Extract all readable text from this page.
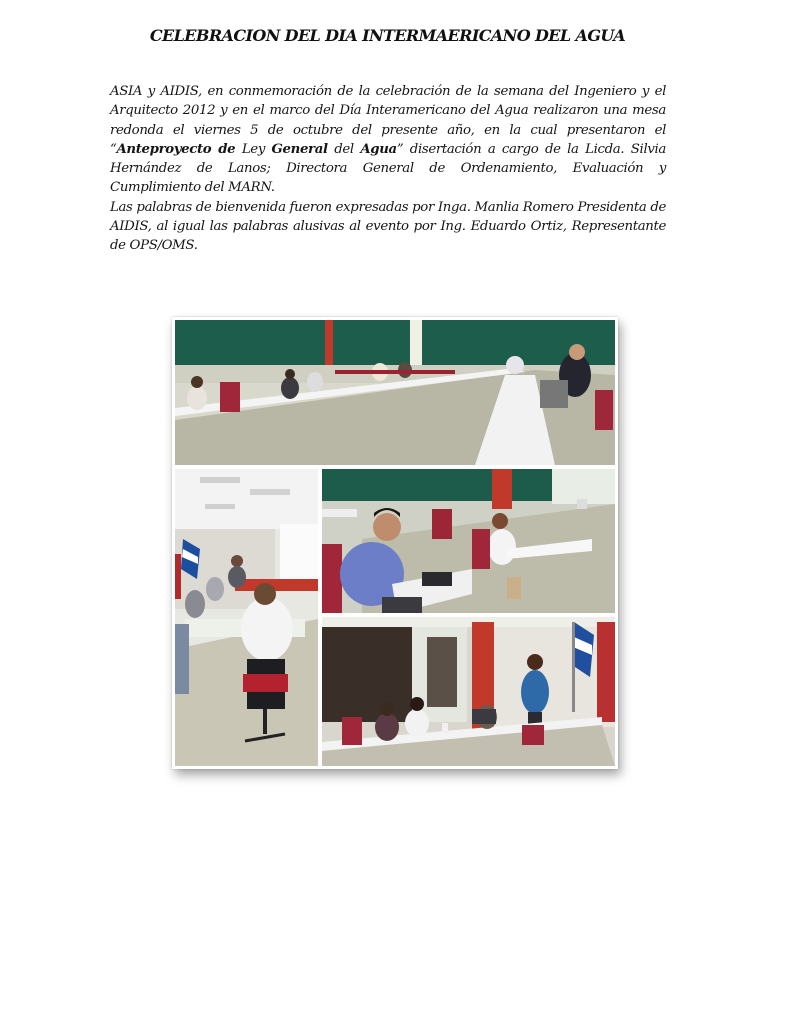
CELEBRACION DEL DIA INTERMAERICANO DEL AGUA

ASIA y AIDIS, en conmemoración de la celebración de la semana del Ingeniero y el Arquitecto 2012 y en el marco del Día Interamericano del Agua realizaron una mesa redonda el viernes 5 de octubre del presente año, en la cual presentaron el “Anteproyecto de Ley General del Agua” disertación a cargo de la Licda. Silvia Hernández de Lanos; Directora General de Ordenamiento, Evaluación y Cumplimiento del MARN.

Las palabras de bienvenida fueron expresadas por Inga. Manlia Romero Presidenta de AIDIS, al igual las palabras alusivas al evento por Ing. Eduardo Ortiz, Representante de OPS/OMS.
